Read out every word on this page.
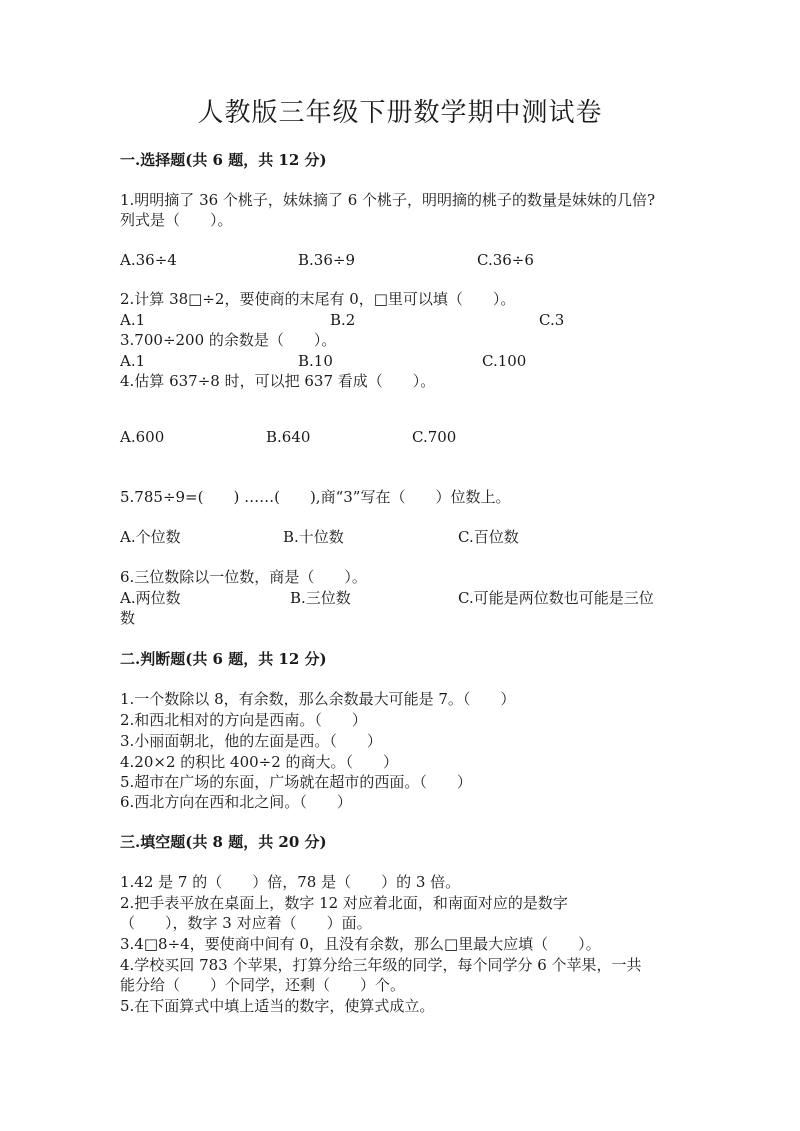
人教版三年级下册数学期中测试卷
一.选择题(共 6 题，共 12 分)
1.明明摘了 36 个桃子，妹妹摘了 6 个桃子，明明摘的桃子的数量是妹妹的几倍?
列式是（　　）。
A.36÷4	B.36÷9	C.36÷6
2.计算 38□÷2，要使商的末尾有 0，□里可以填（　　）。
A.1	B.2	C.3
3.700÷200 的余数是（　　）。
A.1	B.10	C.100
4.估算 637÷8 时，可以把 637 看成（　　）。
A.600	B.640	C.700
5.785÷9=(　　) ……(　　),商“3”写在（　　）位数上。
A.个位数	B.十位数	C.百位数
6.三位数除以一位数，商是（　　）。
A.两位数	B.三位数	C.可能是两位数也可能是三位
数
二.判断题(共 6 题，共 12 分)
1.一个数除以 8，有余数，那么余数最大可能是 7。（　　）
2.和西北相对的方向是西南。（　　）
3.小丽面朝北，他的左面是西。（　　）
4.20×2 的积比 400÷2 的商大。（　　）
5.超市在广场的东面，广场就在超市的西面。（　　）
6.西北方向在西和北之间。（　　）
三.填空题(共 8 题，共 20 分)
1.42 是 7 的（　　）倍，78 是（　　）的 3 倍。
2.把手表平放在桌面上，数字 12 对应着北面，和南面对应的是数字
（　　），数字 3 对应着（　　）面。
3.4□8÷4，要使商中间有 0，且没有余数，那么□里最大应填（　　）。
4.学校买回 783 个苹果，打算分给三年级的同学，每个同学分 6 个苹果，一共
能分给（　　）个同学，还剩（　　）个。
5.在下面算式中填上适当的数字，使算式成立。
